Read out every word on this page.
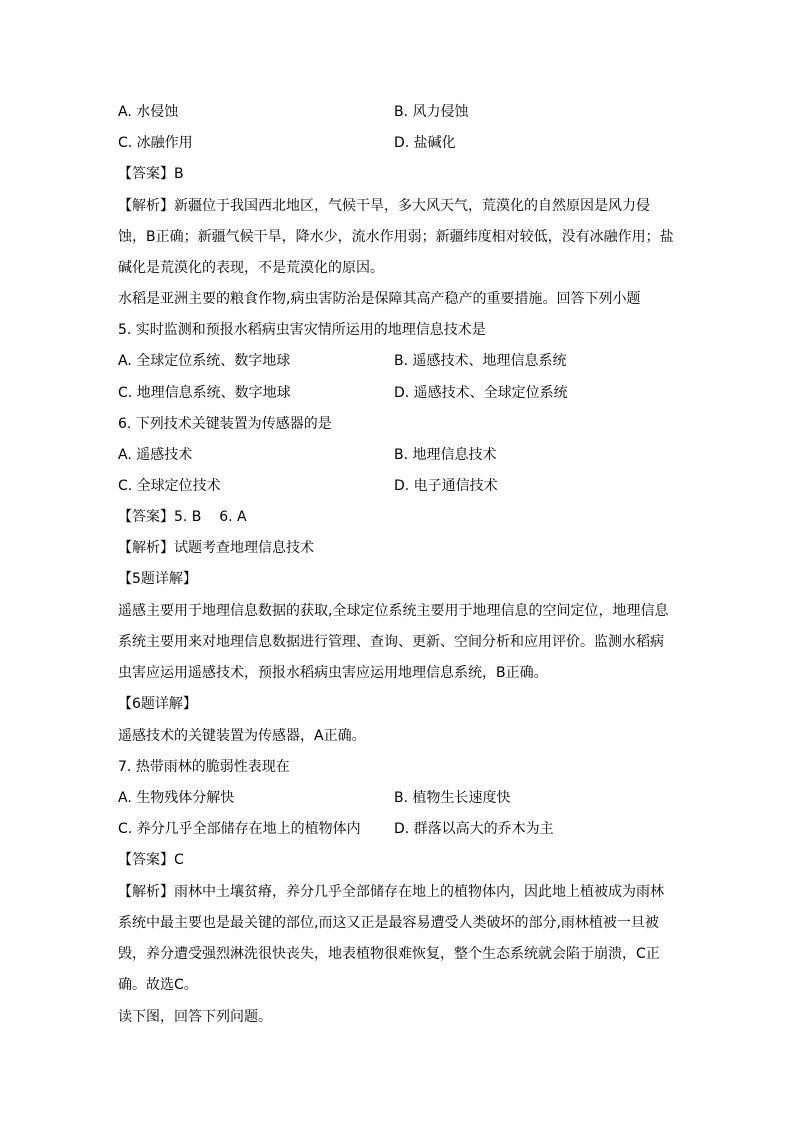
A. 水侵蚀	B. 风力侵蚀
C. 冰融作用	D. 盐碱化
【答案】B
【解析】新疆位于我国西北地区，气候干旱，多大风天气，荒漠化的自然原因是风力侵蚀，B正确；新疆气候干旱，降水少，流水作用弱；新疆纬度相对较低，没有冰融作用；盐碱化是荒漠化的表现，不是荒漠化的原因。
水稻是亚洲主要的粮食作物,病虫害防治是保障其高产稳产的重要措施。回答下列小题
5. 实时监测和预报水稻病虫害灾情所运用的地理信息技术是
A. 全球定位系统、数字地球	B. 遥感技术、地理信息系统
C. 地理信息系统、数字地球	D. 遥感技术、全球定位系统
6. 下列技术关键装置为传感器的是
A. 遥感技术	B. 地理信息技术
C. 全球定位技术	D. 电子通信技术
【答案】5. B    6. A
【解析】试题考查地理信息技术
【5题详解】
遥感主要用于地理信息数据的获取,全球定位系统主要用于地理信息的空间定位，地理信息系统主要用来对地理信息数据进行管理、查询、更新、空间分析和应用评价。监测水稻病虫害应运用遥感技术，预报水稻病虫害应运用地理信息系统，B正确。
【6题详解】
遥感技术的关键装置为传感器，A正确。
7. 热带雨林的脆弱性表现在
A. 生物残体分解快	B. 植物生长速度快
C. 养分几乎全部储存在地上的植物体内 D. 群落以高大的乔木为主
【答案】C
【解析】雨林中土壤贫瘠，养分几乎全部储存在地上的植物体内，因此地上植被成为雨林系统中最主要也是最关键的部位,而这又正是最容易遭受人类破坏的部分,雨林植被一旦被毁，养分遭受强烈淋洗很快丧失，地表植物很难恢复，整个生态系统就会陷于崩溃，C正确。故选C。
读下图，回答下列问题。
